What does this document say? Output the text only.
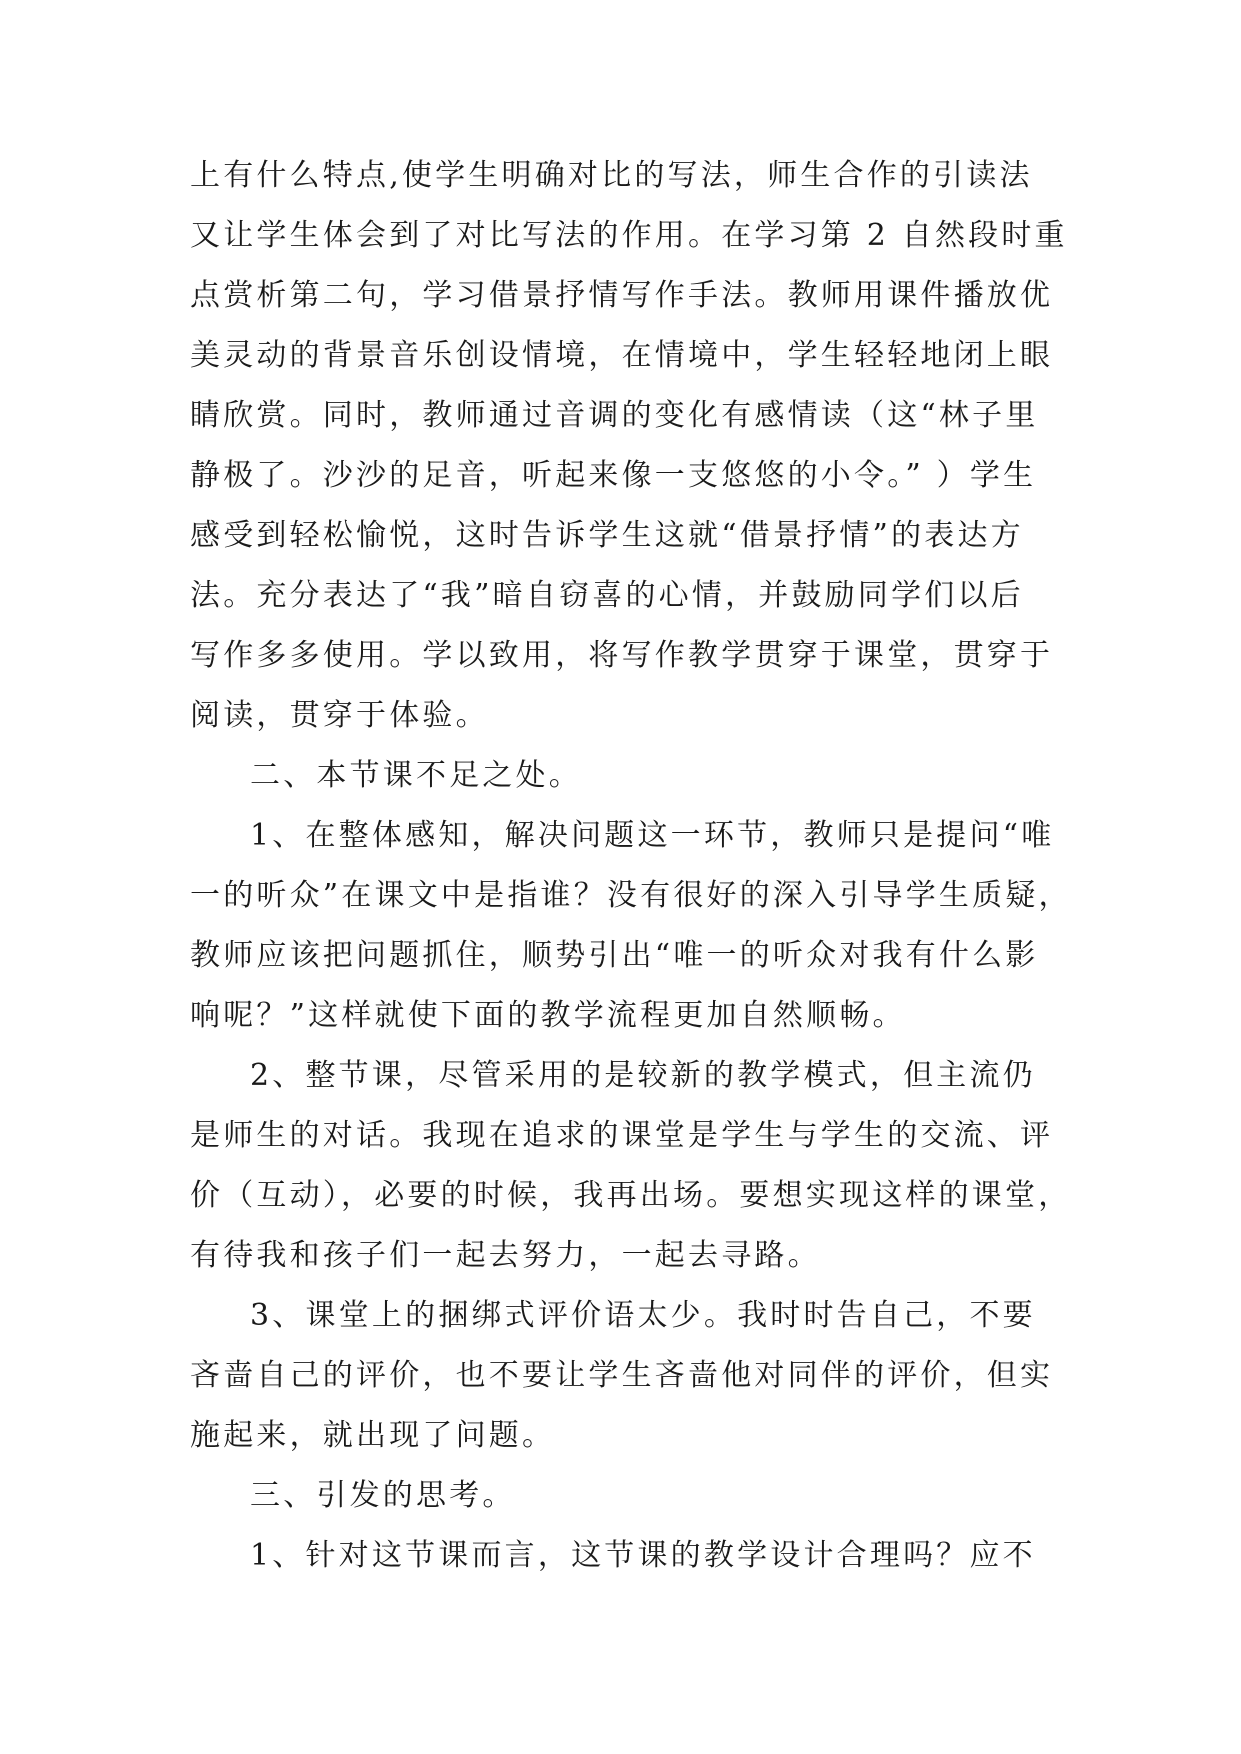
上有什么特点,使学生明确对比的写法，师生合作的引读法
又让学生体会到了对比写法的作用。在学习第 2 自然段时重
点赏析第二句，学习借景抒情写作手法。教师用课件播放优
美灵动的背景音乐创设情境，在情境中，学生轻轻地闭上眼
睛欣赏。同时，教师通过音调的变化有感情读（这“林子里
静极了。沙沙的足音，听起来像一支悠悠的小令。” ）学生
感受到轻松愉悦，这时告诉学生这就“借景抒情”的表达方
法。充分表达了“我”暗自窃喜的心情，并鼓励同学们以后
写作多多使用。学以致用，将写作教学贯穿于课堂，贯穿于
阅读，贯穿于体验。
二、本节课不足之处。
1、在整体感知，解决问题这一环节，教师只是提问“唯
一的听众”在课文中是指谁？没有很好的深入引导学生质疑，
教师应该把问题抓住，顺势引出“唯一的听众对我有什么影
响呢？”这样就使下面的教学流程更加自然顺畅。
2、整节课，尽管采用的是较新的教学模式，但主流仍
是师生的对话。我现在追求的课堂是学生与学生的交流、评
价（互动），必要的时候，我再出场。要想实现这样的课堂，
有待我和孩子们一起去努力，一起去寻路。
3、课堂上的捆绑式评价语太少。我时时告自己，不要
吝啬自己的评价，也不要让学生吝啬他对同伴的评价，但实
施起来，就出现了问题。
三、引发的思考。
1、针对这节课而言，这节课的教学设计合理吗？应不
